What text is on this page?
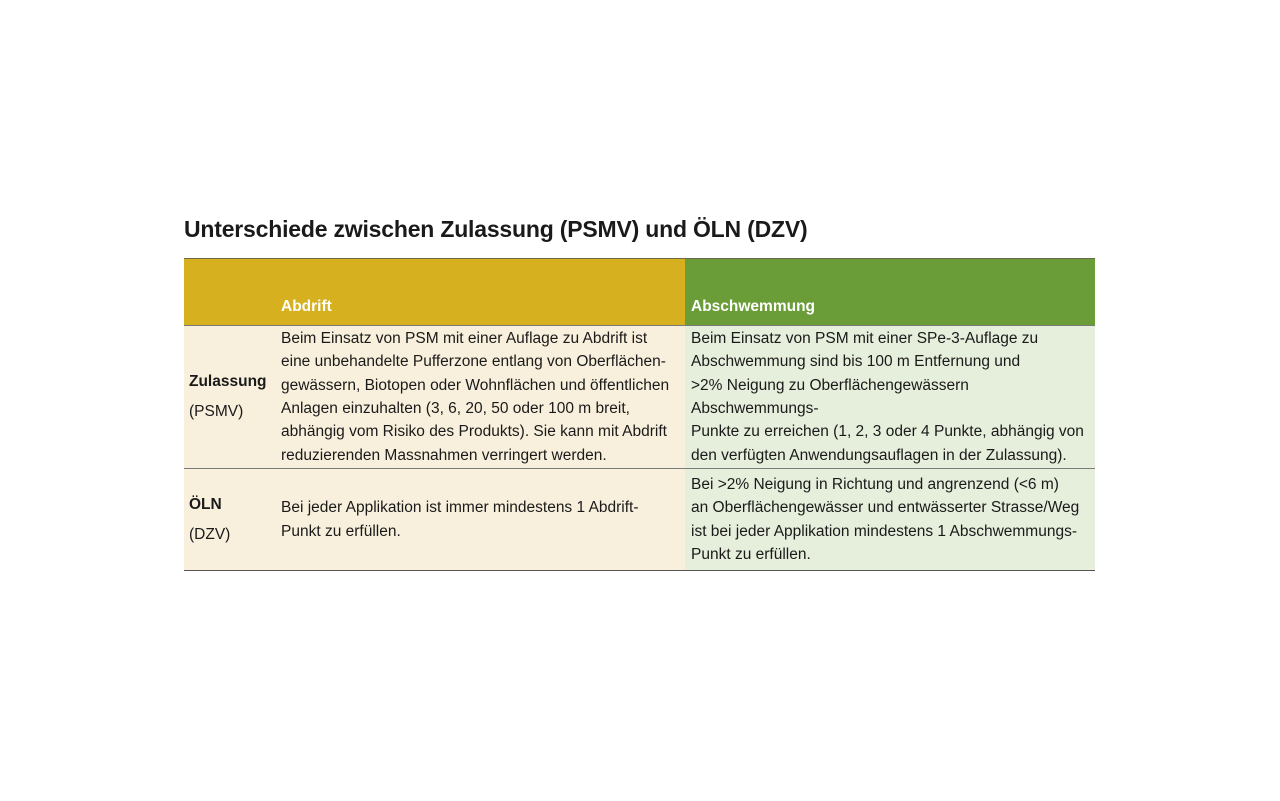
Unterschiede zwischen Zulassung (PSMV) und ÖLN (DZV)
Abdrift	Abschwemmung
Zulassung
(PSMV)

Beim Einsatz von PSM mit einer Auflage zu Abdrift ist
eine unbehandelte Pufferzone entlang von Oberflächen-
gewässern, Biotopen oder Wohnflächen und öffentlichen
Anlagen einzuhalten (3, 6, 20, 50 oder 100 m breit,
abhängig vom Risiko des Produkts). Sie kann mit Abdrift
reduzierenden Massnahmen verringert werden.

Beim Einsatz von PSM mit einer SPe-3-Auflage zu
Abschwemmung sind bis 100 m Entfernung und
>2% Neigung zu Oberflächengewässern Abschwemmungs-
Punkte zu erreichen (1, 2, 3 oder 4 Punkte, abhängig von
den verfügten Anwendungsauflagen in der Zulassung).

ÖLN
(DZV)

Bei jeder Applikation ist immer mindestens 1 Abdrift-
Punkt zu erfüllen.

Bei >2% Neigung in Richtung und angrenzend (<6 m)
an Oberflächengewässer und entwässerter Strasse/Weg
ist bei jeder Applikation mindestens 1 Abschwemmungs-
Punkt zu erfüllen.
